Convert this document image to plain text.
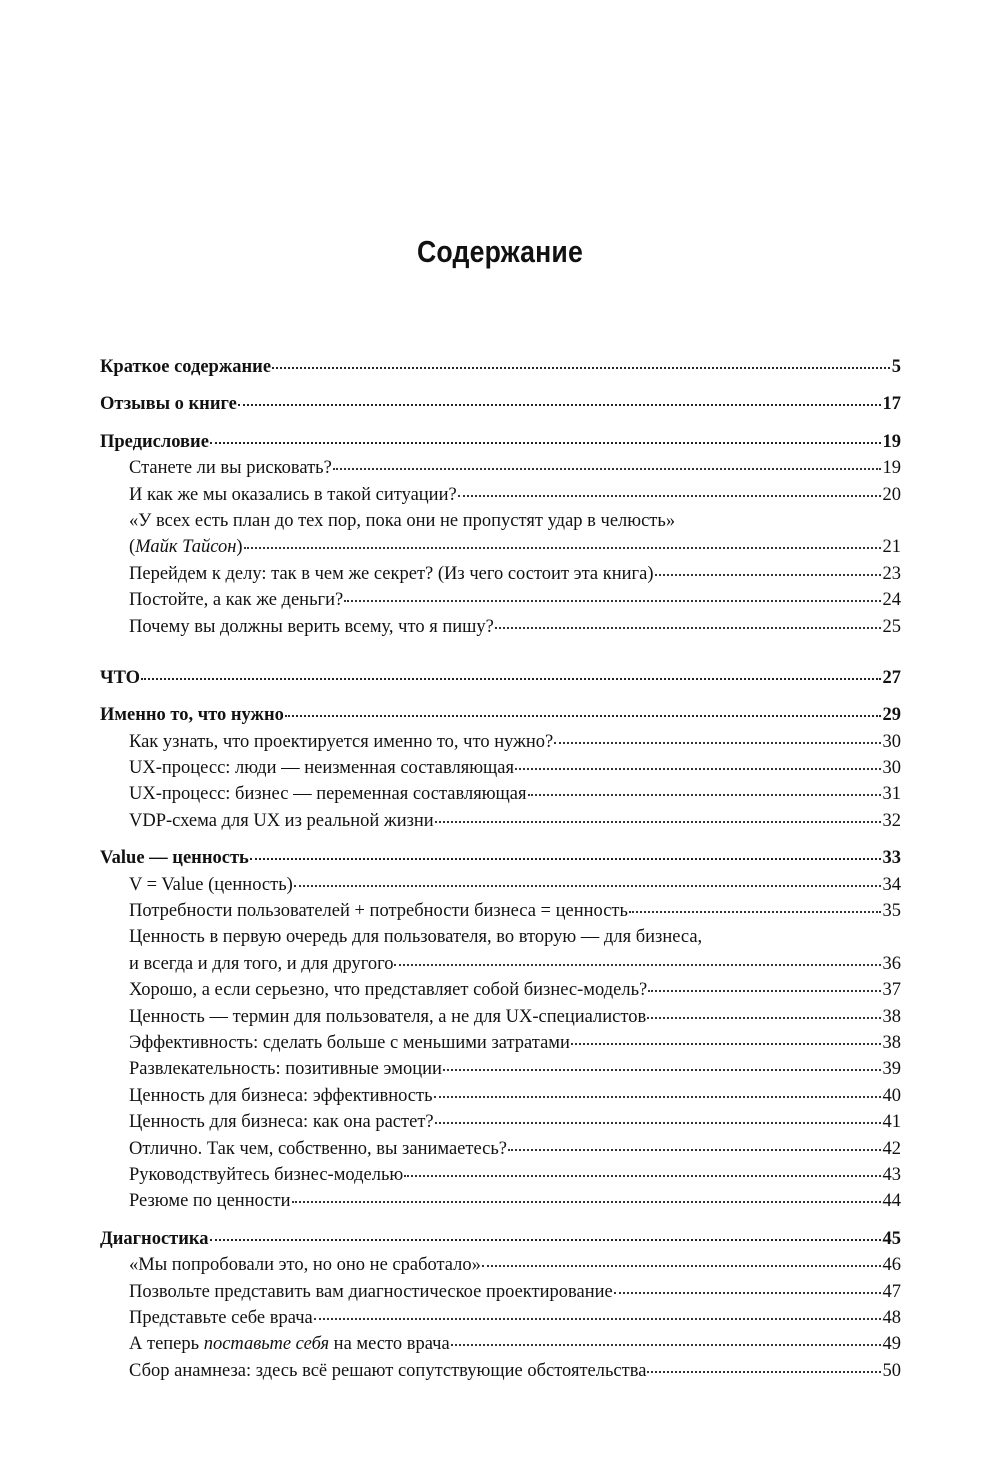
Содержание
Краткое содержание	5
Отзывы о книге	17
Предисловие	19
Станете ли вы рисковать?	19
И как же мы оказались в такой ситуации?	20
«У всех есть план до тех пор, пока они не пропустят удар в челюсть»
(Майк Тайсон)	21
Перейдем к делу: так в чем же секрет? (Из чего состоит эта книга)	23
Постойте, а как же деньги?	24
Почему вы должны верить всему, что я пишу?	25
ЧТО	27
Именно то, что нужно	29
Как узнать, что проектируется именно то, что нужно?	30
UX-процесс: люди — неизменная составляющая	30
UX-процесс: бизнес — переменная составляющая	31
VDP-схема для UX из реальной жизни	32
Value — ценность	33
V = Value (ценность)	34
Потребности пользователей + потребности бизнеса = ценность	35
Ценность в первую очередь для пользователя, во вторую — для бизнеса,
и всегда и для того, и для другого	36
Хорошо, а если серьезно, что представляет собой бизнес-модель?	37
Ценность — термин для пользователя, а не для UX-специалистов	38
Эффективность: сделать больше с меньшими затратами	38
Развлекательность: позитивные эмоции	39
Ценность для бизнеса: эффективность	40
Ценность для бизнеса: как она растет?	41
Отлично. Так чем, собственно, вы занимаетесь?	42
Руководствуйтесь бизнес-моделью	43
Резюме по ценности	44
Диагностика	45
«Мы попробовали это, но оно не сработало»	46
Позвольте представить вам диагностическое проектирование	47
Представьте себе врача	48
А теперь поставьте себя на место врача	49
Сбор анамнеза: здесь всё решают сопутствующие обстоятельства	50
